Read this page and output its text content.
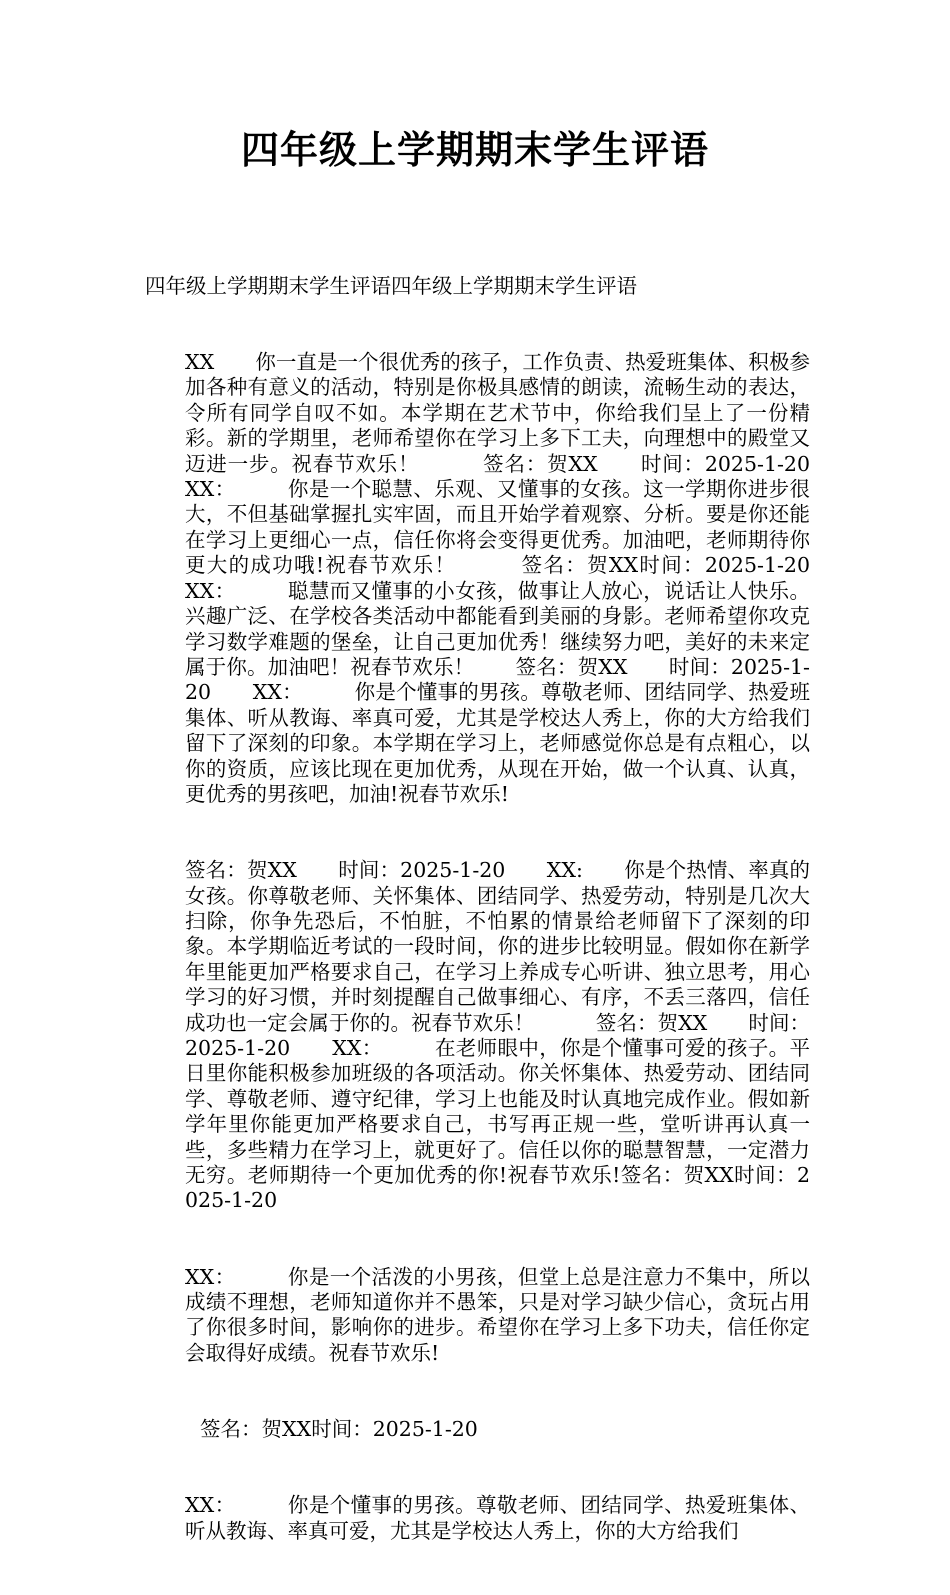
四年级上学期期末学生评语

四年级上学期期末学生评语四年级上学期期末学生评语

XX　　你一直是一个很优秀的孩子，工作负责、热爱班集体、积极参加各种有意义的活动，特别是你极具感情的朗读，流畅生动的表达，令所有同学自叹不如。本学期在艺术节中，你给我们呈上了一份精彩。新的学期里，老师希望你在学习上多下工夫，向理想中的殿堂又迈进一步。祝春节欢乐！　　　签名：贺XX　　时间：2025-1-20　　XX：　　　你是一个聪慧、乐观、又懂事的女孩。这一学期你进步很大，不但基础掌握扎实牢固，而且开始学着观察、分析。要是你还能在学习上更细心一点，信任你将会变得更优秀。加油吧，老师期待你更大的成功哦!祝春节欢乐！　　　签名：贺XX时间：2025-1-20　　XX：　　　聪慧而又懂事的小女孩，做事让人放心，说话让人快乐。兴趣广泛、在学校各类活动中都能看到美丽的身影。老师希望你攻克学习数学难题的堡垒，让自己更加优秀！继续努力吧，美好的未来定属于你。加油吧！祝春节欢乐！　　签名：贺XX　　时间：2025-1-20　　XX：　　　你是个懂事的男孩。尊敬老师、团结同学、热爱班集体、听从教诲、率真可爱，尤其是学校达人秀上，你的大方给我们留下了深刻的印象。本学期在学习上，老师感觉你总是有点粗心，以你的资质，应该比现在更加优秀，从现在开始，做一个认真、认真，更优秀的男孩吧，加油!祝春节欢乐!

签名：贺XX　　时间：2025-1-20　　XX:　　你是个热情、率真的女孩。你尊敬老师、关怀集体、团结同学、热爱劳动，特别是几次大扫除，你争先恐后，不怕脏，不怕累的情景给老师留下了深刻的印象。本学期临近考试的一段时间，你的进步比较明显。假如你在新学年里能更加严格要求自己，在学习上养成专心听讲、独立思考，用心学习的好习惯，并时刻提醒自己做事细心、有序，不丢三落四，信任成功也一定会属于你的。祝春节欢乐！　　　签名：贺XX　　时间：2025-1-20　　XX：　　　在老师眼中，你是个懂事可爱的孩子。平日里你能积极参加班级的各项活动。你关怀集体、热爱劳动、团结同学、尊敬老师、遵守纪律，学习上也能及时认真地完成作业。假如新学年里你能更加严格要求自己，书写再正规一些，堂听讲再认真一些，多些精力在学习上，就更好了。信任以你的聪慧智慧，一定潜力无穷。老师期待一个更加优秀的你!祝春节欢乐!签名：贺XX时间：2025-1-20

XX：　　　你是一个活泼的小男孩，但堂上总是注意力不集中，所以成绩不理想，老师知道你并不愚笨，只是对学习缺少信心，贪玩占用了你很多时间，影响你的进步。希望你在学习上多下功夫，信任你定会取得好成绩。祝春节欢乐!

签名：贺XX时间：2025-1-20

XX：　　　你是个懂事的男孩。尊敬老师、团结同学、热爱班集体、听从教诲、率真可爱，尤其是学校达人秀上，你的大方给我们
